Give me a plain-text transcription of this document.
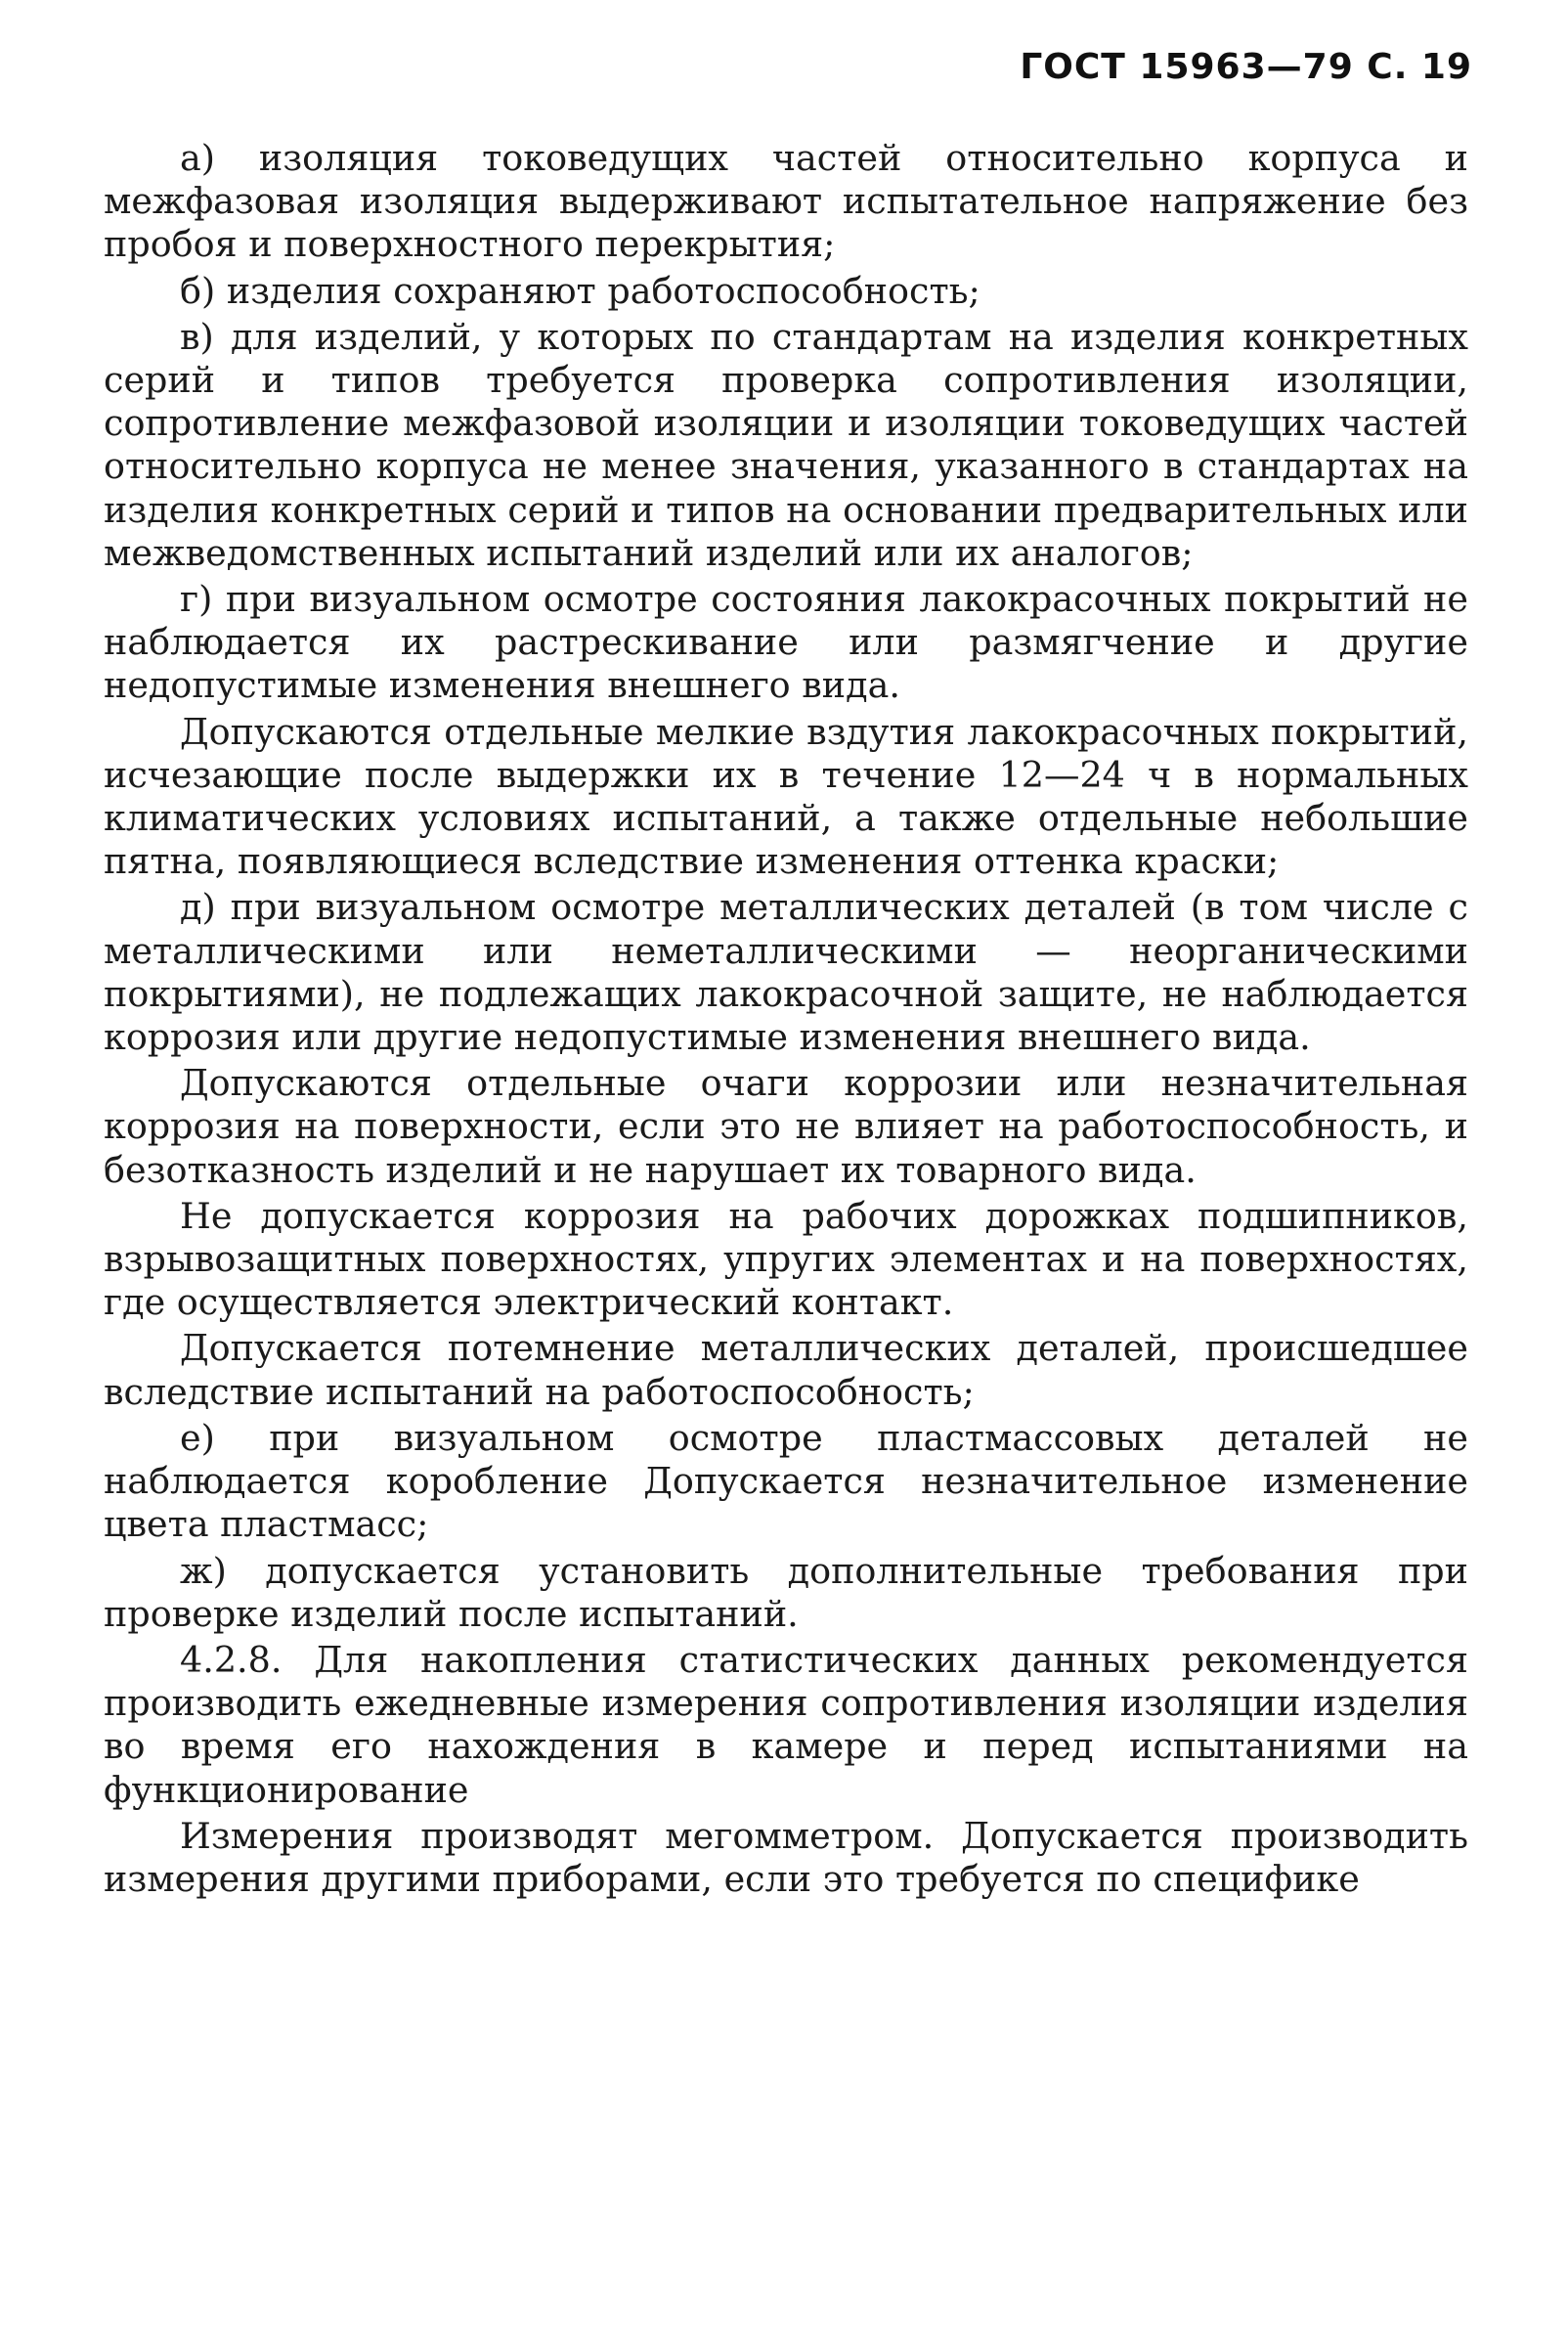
ГОСТ 15963—79 С. 19

а) изоляция токоведущих частей относительно корпуса и межфазовая изоляция выдерживают испытательное напряжение без пробоя и поверхностного перекрытия;

б) изделия сохраняют работоспособность;

в) для изделий, у которых по стандартам на изделия конкретных серий и типов требуется проверка сопротивления изоляции, сопротивление межфазовой изоляции и изоляции токоведущих частей относительно корпуса не менее значения, указанного в стандартах на изделия конкретных серий и типов на основании предварительных или межведомственных испытаний изделий или их аналогов;

г) при визуальном осмотре состояния лакокрасочных покрытий не наблюдается их растрескивание или размягчение и другие недопустимые изменения внешнего вида.

Допускаются отдельные мелкие вздутия лакокрасочных покрытий, исчезающие после выдержки их в течение 12—24 ч в нормальных климатических условиях испытаний, а также отдельные небольшие пятна, появляющиеся вследствие изменения оттенка краски;

д) при визуальном осмотре металлических деталей (в том числе с металлическими или неметаллическими — неорганическими покрытиями), не подлежащих лакокрасочной защите, не наблюдается коррозия или другие недопустимые изменения внешнего вида.

Допускаются отдельные очаги коррозии или незначительная коррозия на поверхности, если это не влияет на работоспособность, и безотказность изделий и не нарушает их товарного вида.

Не допускается коррозия на рабочих дорожках подшипников, взрывозащитных поверхностях, упругих элементах и на поверхностях, где осуществляется электрический контакт.

Допускается потемнение металлических деталей, происшедшее вследствие испытаний на работоспособность;

е) при визуальном осмотре пластмассовых деталей не наблюдается коробление Допускается незначительное изменение цвета пластмасс;

ж) допускается установить дополнительные требования при проверке изделий после испытаний.

4.2.8. Для накопления статистических данных рекомендуется производить ежедневные измерения сопротивления изоляции изделия во время его нахождения в камере и перед испытаниями на функционирование

Измерения производят мегомметром. Допускается производить измерения другими приборами, если это требуется по специфике
